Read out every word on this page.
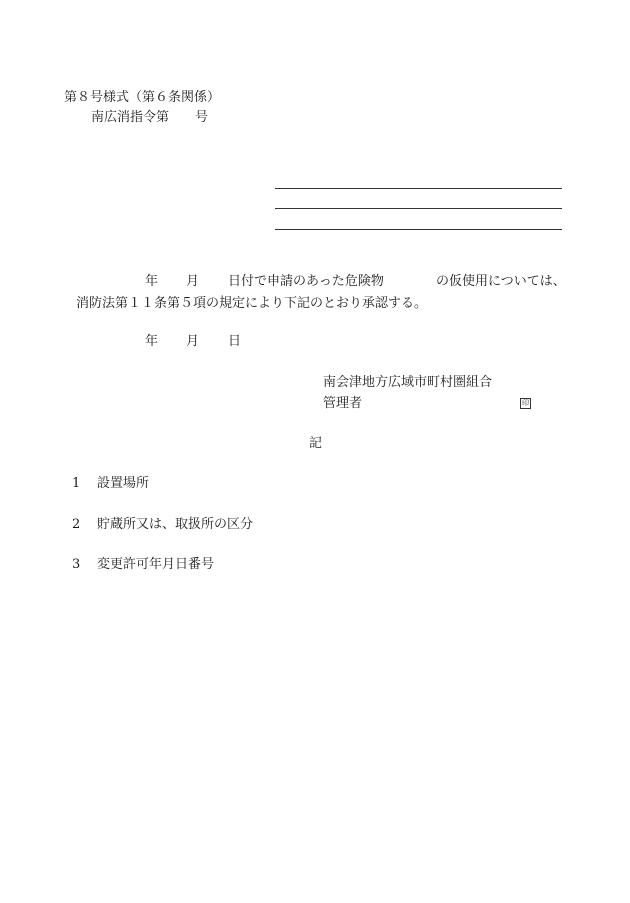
第８号様式（第６条関係）
南広消指令第　　号
年 月 日付で申請のあった危険物	の仮使用については、
消防法第１１条第５項の規定により下記のとおり承認する。
年 月 日
南会津地方広域市町村圏組合
管理者	印
記
1 設置場所
2 貯蔵所又は、取扱所の区分
3 変更許可年月日番号
